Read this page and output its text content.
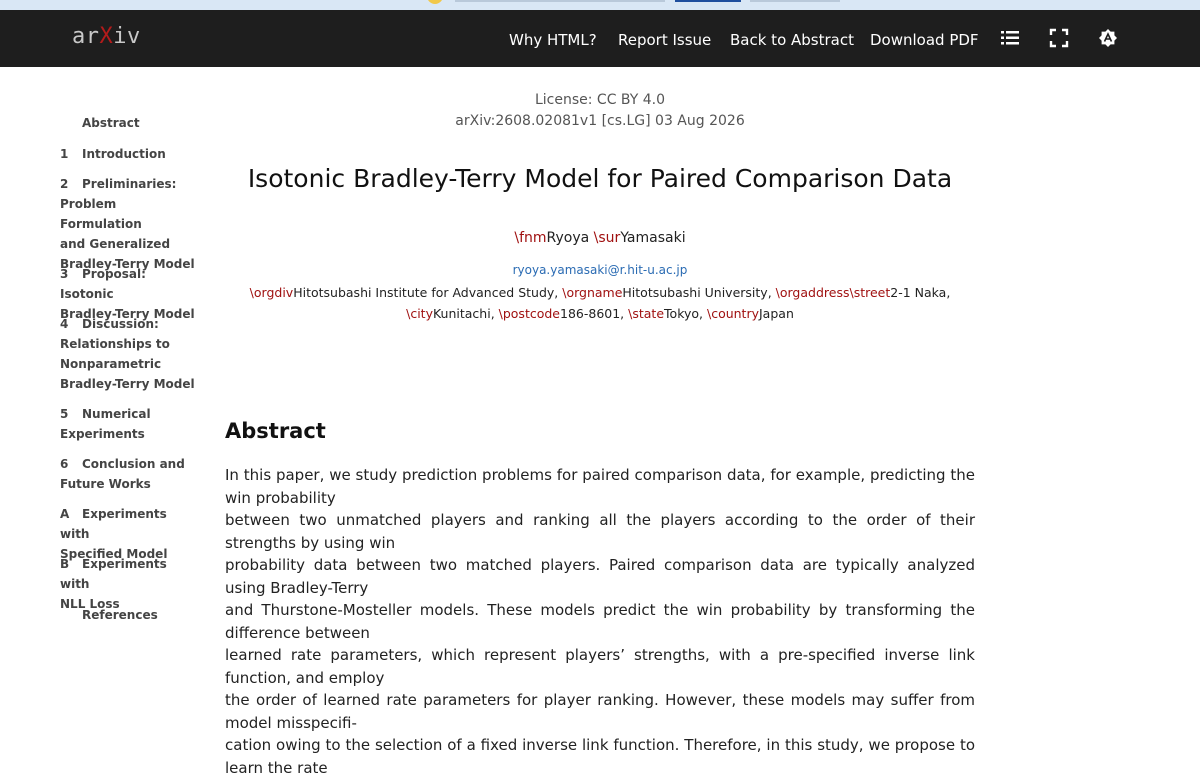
arXiv	Why HTML? Report Issue Back to Abstract Download PDF
Abstract
1 Introduction
2 Preliminaries:
Problem Formulation
and Generalized
Bradley-Terry Model
3 Proposal: Isotonic
Bradley-Terry Model
4 Discussion:
Relationships to
Nonparametric
Bradley-Terry Model
5 Numerical
Experiments
6 Conclusion and
Future Works
A Experiments with
Specified Model
B Experiments with
NLL Loss
References
License: CC BY 4.0
arXiv:2608.02081v1 [cs.LG] 03 Aug 2026
Isotonic Bradley-Terry Model for Paired Comparison Data
\fnmRyoya \surYamasaki
ryoya.yamasaki@r.hit-u.ac.jp
\orgdivHitotsubashi Institute for Advanced Study, \orgnameHitotsubashi University, \orgaddress\street2-1 Naka,
\cityKunitachi, \postcode186-8601, \stateTokyo, \countryJapan
Abstract
In this paper, we study prediction problems for paired comparison data, for example, predicting the win probability
between two unmatched players and ranking all the players according to the order of their strengths by using win
probability data between two matched players. Paired comparison data are typically analyzed using Bradley-Terry
and Thurstone-Mosteller models. These models predict the win probability by transforming the difference between
learned rate parameters, which represent players’ strengths, with a pre-specified inverse link function, and employ
the order of learned rate parameters for player ranking. However, these models may suffer from model misspecifi-
cation owing to the selection of a fixed inverse link function. Therefore, in this study, we propose to learn the rate
